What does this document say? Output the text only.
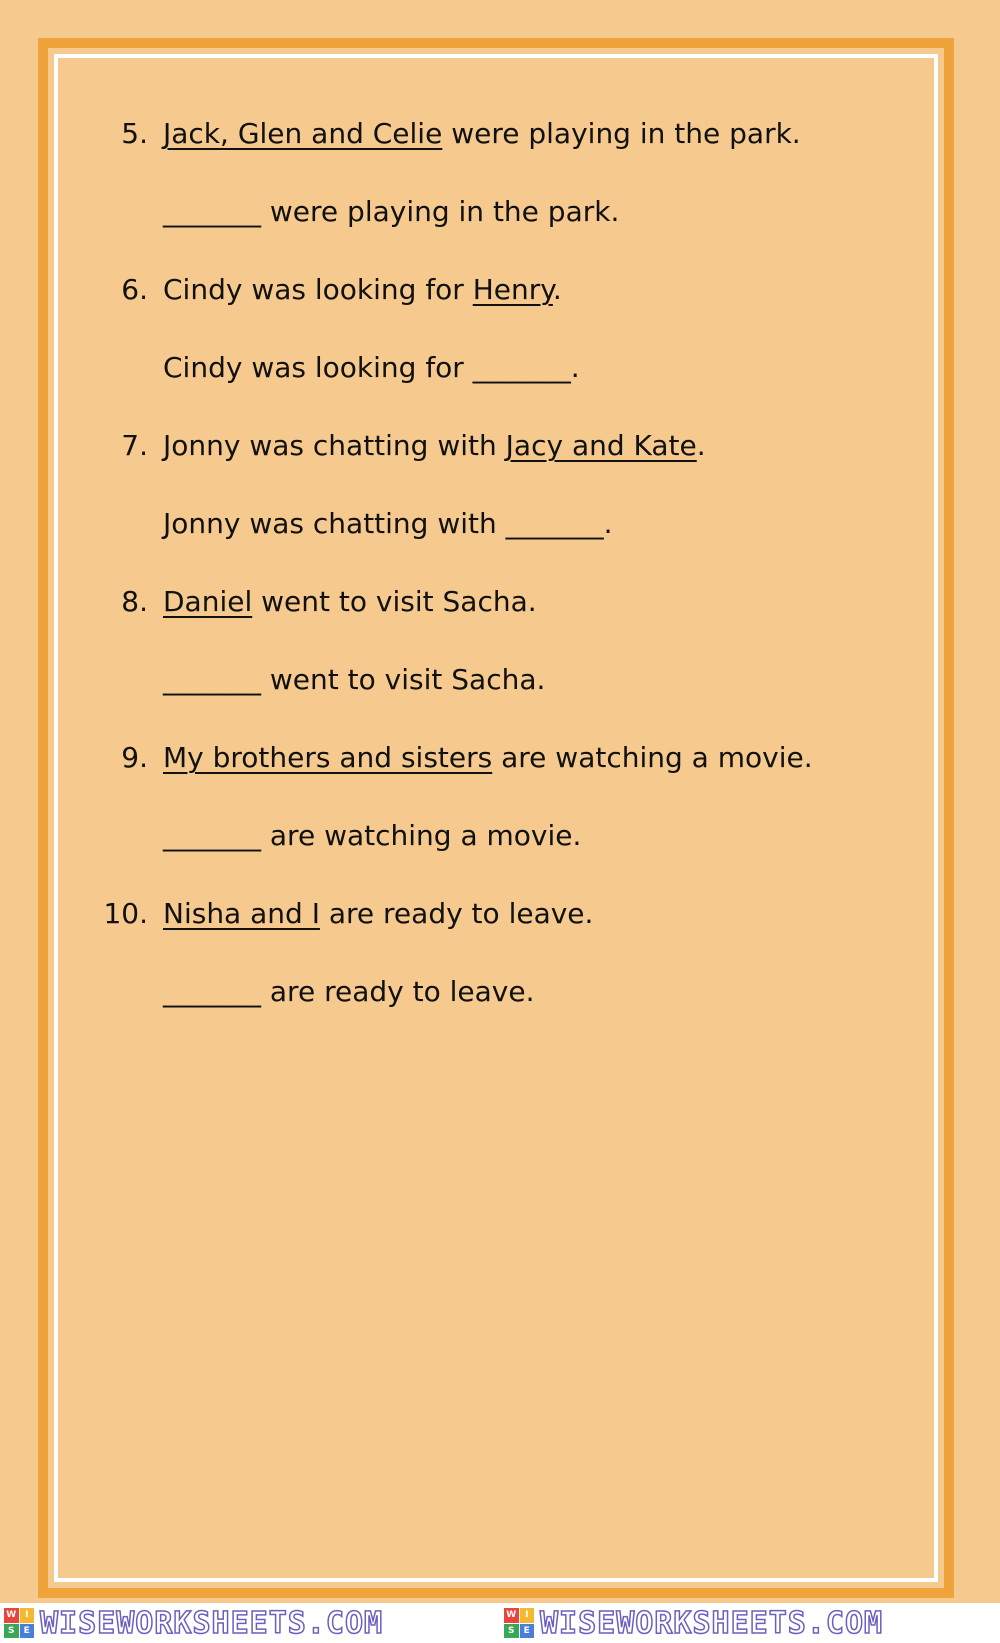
5. Jack, Glen and Celie were playing in the park.
_______ were playing in the park.
6. Cindy was looking for Henry.
Cindy was looking for _______.
7. Jonny was chatting with Jacy and Kate.
Jonny was chatting with _______.
8. Daniel went to visit Sacha.
_______ went to visit Sacha.
9. My brothers and sisters are watching a movie.
_______ are watching a movie.
10. Nisha and I are ready to leave.
_______ are ready to leave.
W I
S	E WISEWORKSHEETS.COM	W I
S	E WISEWORKSHEETS.COM
